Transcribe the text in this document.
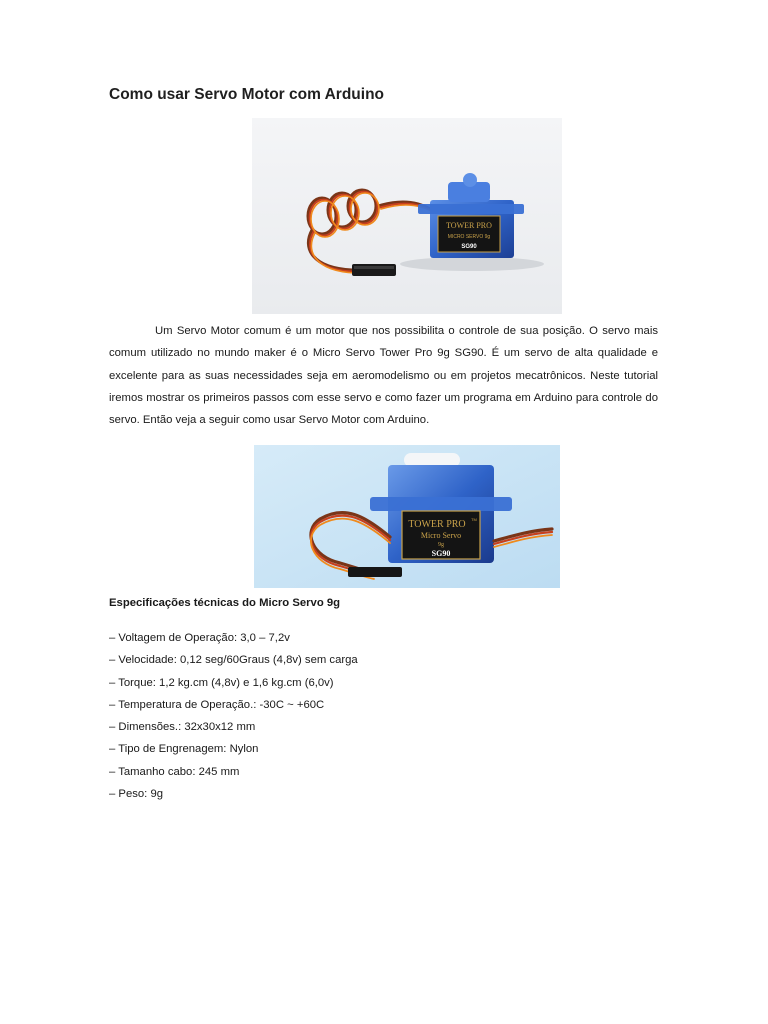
Como usar Servo Motor com Arduino
TOWER PRO
MICRO SERVO 9g
SG90

Um Servo Motor comum é um motor que nos possibilita o controle de sua posição. O servo mais comum utilizado no mundo maker é o Micro Servo Tower Pro 9g SG90. É um servo de alta qualidade e excelente para as suas necessidades seja em aeromodelismo ou em projetos mecatrônicos. Neste tutorial iremos mostrar os primeiros passos com esse servo e como fazer um programa em Arduino para controle do servo. Então veja a seguir como usar Servo Motor com Arduino.

TOWER PRO TM
Micro Servo
9g
SG90
Especificações técnicas do Micro Servo 9g
– Voltagem de Operação: 3,0 – 7,2v
– Velocidade: 0,12 seg/60Graus (4,8v) sem carga
– Torque: 1,2 kg.cm (4,8v) e 1,6 kg.cm (6,0v)
– Temperatura de Operação.: -30C ~ +60C
– Dimensões.: 32x30x12 mm
– Tipo de Engrenagem: Nylon
– Tamanho cabo: 245 mm
– Peso: 9g
